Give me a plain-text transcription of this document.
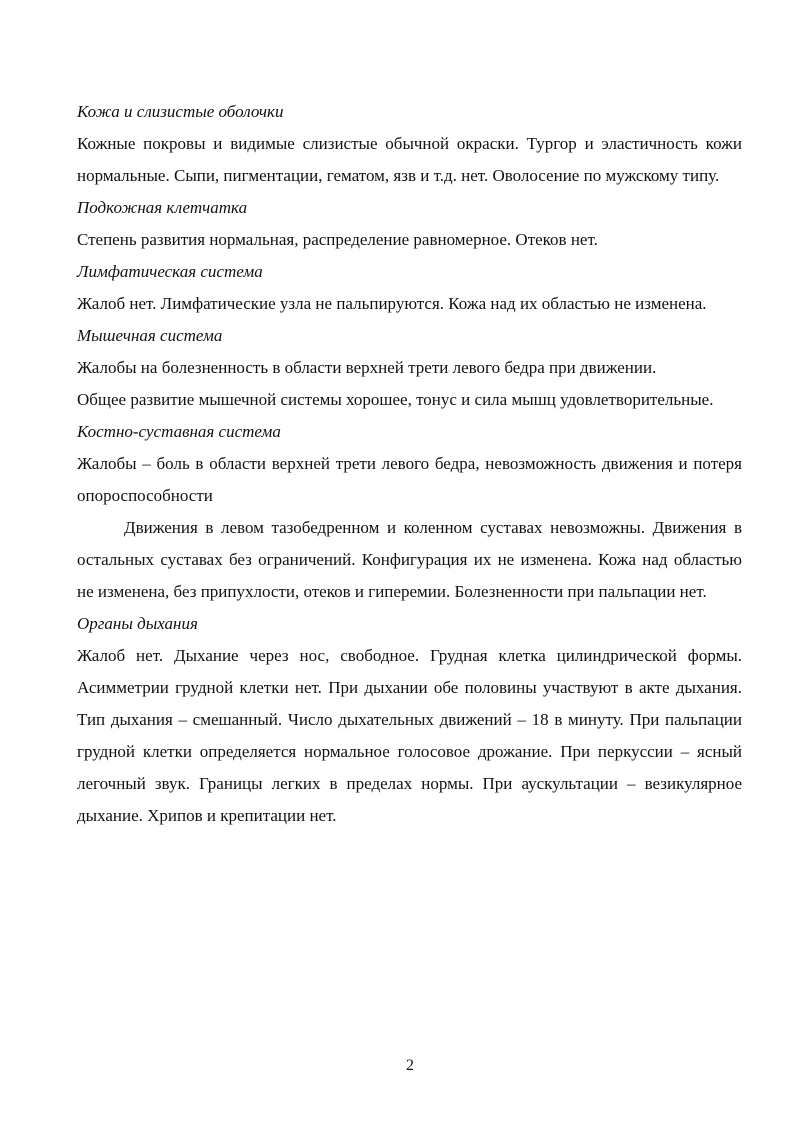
Кожа и слизистые оболочки

Кожные покровы и видимые слизистые обычной окраски. Тургор и эластичность кожи нормальные. Сыпи, пигментации, гематом, язв и т.д. нет. Оволосение по мужскому типу.

Подкожная клетчатка

Степень развития нормальная, распределение равномерное. Отеков нет.

Лимфатическая система

Жалоб нет. Лимфатические узла не пальпируются. Кожа над их областью не изменена.

Мышечная система

Жалобы на болезненность в области верхней трети левого бедра при движении.

Общее развитие мышечной системы хорошее, тонус и сила мышц удовлетворительные.

Костно-суставная система

Жалобы – боль в области верхней трети левого бедра, невозможность движения и потеря опороспособности

Движения в левом тазобедренном и коленном суставах невозможны. Движения в остальных суставах без ограничений. Конфигурация их не изменена. Кожа над областью не изменена, без припухлости, отеков и гиперемии. Болезненности при пальпации нет.

Органы дыхания

Жалоб нет. Дыхание через нос, свободное. Грудная клетка цилиндрической формы. Асимметрии грудной клетки нет. При дыхании обе половины участвуют в акте дыхания. Тип дыхания – смешанный. Число дыхательных движений – 18 в минуту. При пальпации грудной клетки определяется нормальное голосовое дрожание. При перкуссии – ясный легочный звук. Границы легких в пределах нормы. При аускультации – везикулярное дыхание. Хрипов и крепитации нет.

2
